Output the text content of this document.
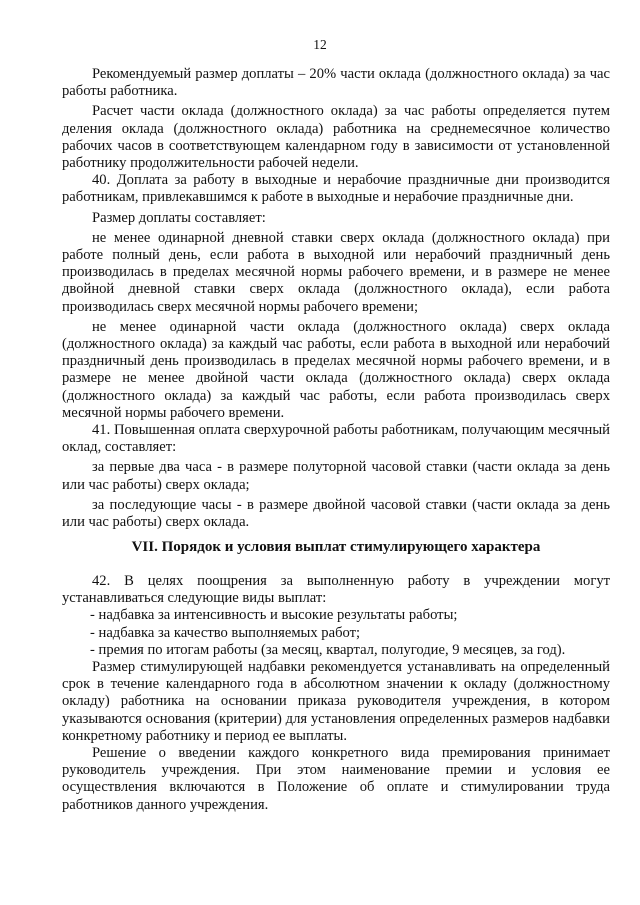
12

Рекомендуемый размер доплаты – 20% части оклада (должностного оклада) за час работы работника.

Расчет части оклада (должностного оклада) за час работы определяется путем деления оклада (должностного оклада) работника на среднемесячное количество рабочих часов в соответствующем календарном году в зависимости от установленной работнику продолжительности рабочей недели.

40. Доплата за работу в выходные и нерабочие праздничные дни производится работникам, привлекавшимся к работе в выходные и нерабочие праздничные дни.

Размер доплаты составляет:

не менее одинарной дневной ставки сверх оклада (должностного оклада) при работе полный день, если работа в выходной или нерабочий праздничный день производилась в пределах месячной нормы рабочего времени, и в размере не менее двойной дневной ставки сверх оклада (должностного оклада), если работа производилась сверх месячной нормы рабочего времени;

не менее одинарной части оклада (должностного оклада) сверх оклада (должностного оклада) за каждый час работы, если работа в выходной или нерабочий праздничный день производилась в пределах месячной нормы рабочего времени, и в размере не менее двойной части оклада (должностного оклада) сверх оклада (должностного оклада) за каждый час работы, если работа производилась сверх месячной нормы рабочего времени.

41. Повышенная оплата сверхурочной работы работникам, получающим месячный оклад, составляет:

за первые два часа - в размере полуторной часовой ставки (части оклада за день или час работы) сверх оклада;

за последующие часы - в размере двойной часовой ставки (части оклада за день или час работы) сверх оклада.

VII. Порядок и условия выплат стимулирующего характера

42. В целях поощрения за выполненную работу в учреждении могут устанавливаться следующие виды выплат:

- надбавка за интенсивность и высокие результаты работы;

- надбавка за качество выполняемых работ;

- премия по итогам работы (за месяц, квартал, полугодие, 9 месяцев, за год).

Размер стимулирующей надбавки рекомендуется устанавливать на определенный срок в течение календарного года в абсолютном значении к окладу (должностному окладу) работника на основании приказа руководителя учреждения, в котором указываются основания (критерии) для установления определенных размеров надбавки конкретному работнику и период ее выплаты.

Решение о введении каждого конкретного вида премирования принимает руководитель учреждения. При этом наименование премии и условия ее осуществления включаются в Положение об оплате и стимулировании труда работников данного учреждения.
